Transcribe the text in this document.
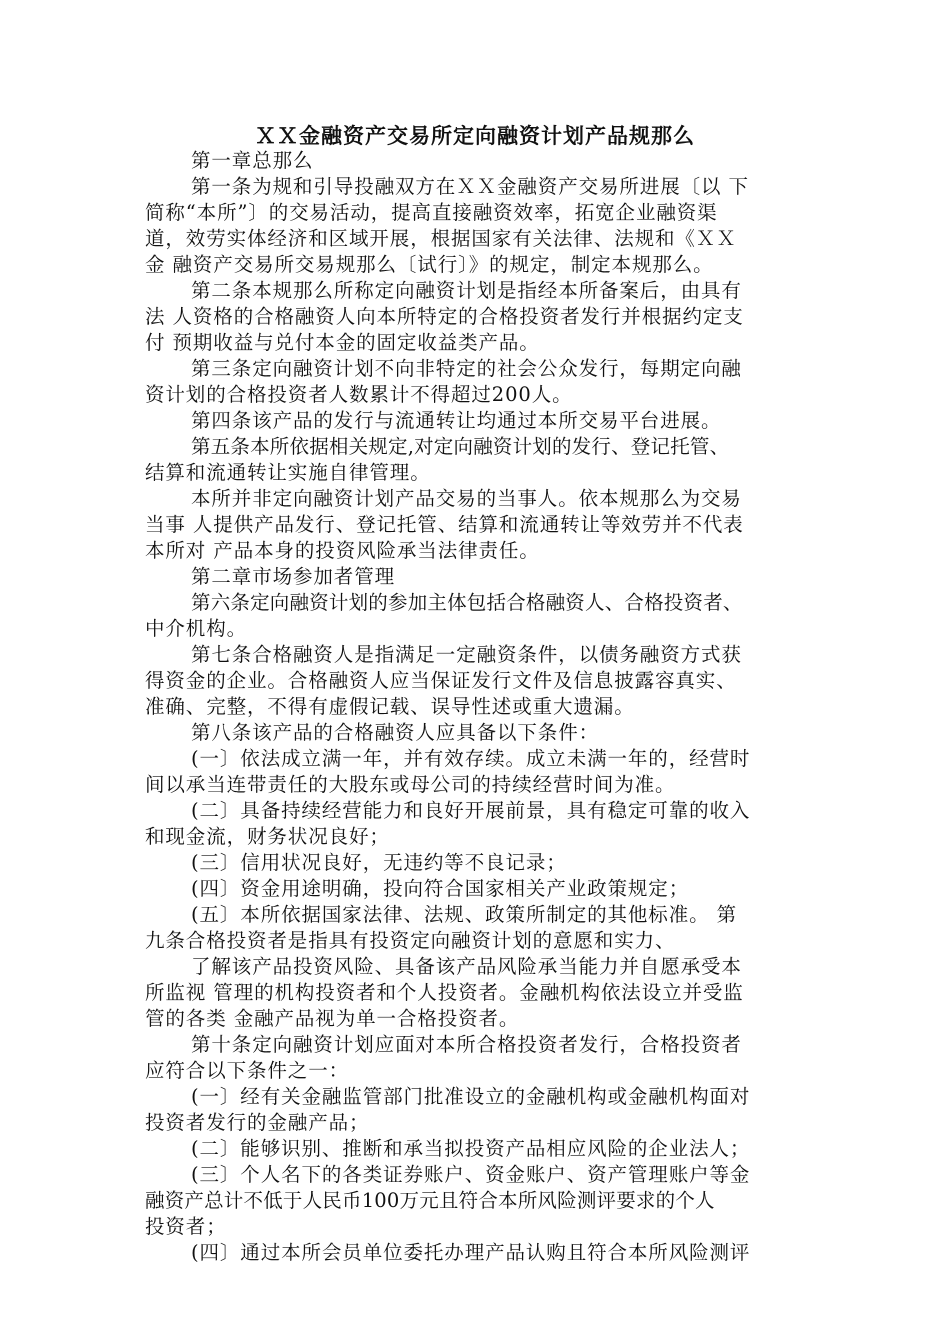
ＸＸ金融资产交易所定向融资计划产品规那么
第一章总那么
第一条为规和引导投融双方在ＸＸ金融资产交易所进展〔以 下
简称“本所”〕的交易活动，提高直接融资效率，拓宽企业融资渠
道，效劳实体经济和区域开展，根据国家有关法律、法规和《ＸＸ
金 融资产交易所交易规那么〔试行〕》的规定，制定本规那么。
第二条本规那么所称定向融资计划是指经本所备案后，由具有
法 人资格的合格融资人向本所特定的合格投资者发行并根据约定支
付 预期收益与兑付本金的固定收益类产品。
第三条定向融资计划不向非特定的社会公众发行，每期定向融
资计划的合格投资者人数累计不得超过200人。
第四条该产品的发行与流通转让均通过本所交易平台进展。
第五条本所依据相关规定,对定向融资计划的发行、登记托管、
结算和流通转让实施自律管理。
本所并非定向融资计划产品交易的当事人。依本规那么为交易
当事 人提供产品发行、登记托管、结算和流通转让等效劳并不代表
本所对 产品本身的投资风险承当法律责任。
第二章市场参加者管理
第六条定向融资计划的参加主体包括合格融资人、合格投资者、
中介机构。
第七条合格融资人是指满足一定融资条件，以债务融资方式获
得资金的企业。合格融资人应当保证发行文件及信息披露容真实、
准确、完整，不得有虚假记载、误导性述或重大遗漏。
第八条该产品的合格融资人应具备以下条件：
(一〕依法成立满一年，并有效存续。成立未满一年的，经营时
间以承当连带责任的大股东或母公司的持续经营时间为准。
(二〕具备持续经营能力和良好开展前景，具有稳定可靠的收入
和现金流，财务状况良好；
(三〕信用状况良好，无违约等不良记录；
(四〕资金用途明确，投向符合国家相关产业政策规定；
(五〕本所依据国家法律、法规、政策所制定的其他标准。 第
九条合格投资者是指具有投资定向融资计划的意愿和实力、
了解该产品投资风险、具备该产品风险承当能力并自愿承受本
所监视 管理的机构投资者和个人投资者。金融机构依法设立并受监
管的各类 金融产品视为单一合格投资者。
第十条定向融资计划应面对本所合格投资者发行，合格投资者
应符合以下条件之一：
(一〕经有关金融监管部门批准设立的金融机构或金融机构面对
投资者发行的金融产品；
(二〕能够识别、推断和承当拟投资产品相应风险的企业法人；
(三〕个人名下的各类证券账户、资金账户、资产管理账户等金
融资产总计不低于人民币100万元且符合本所风险测评要求的个人
投资者；
(四〕通过本所会员单位委托办理产品认购且符合本所风险测评
